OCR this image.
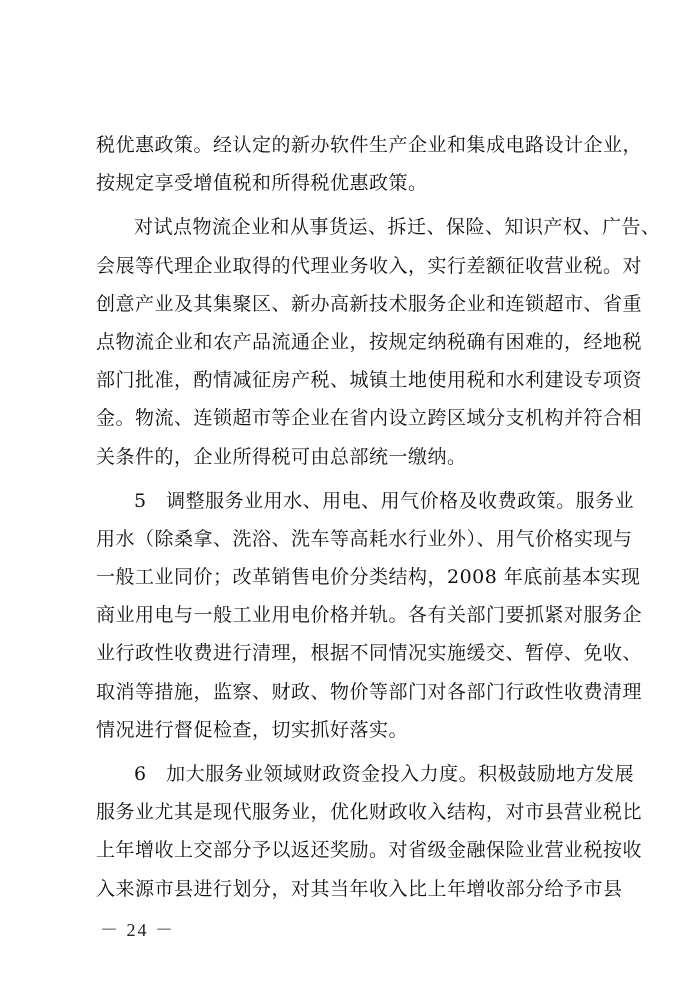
税优惠政策。经认定的新办软件生产企业和集成电路设计企业，
按规定享受增值税和所得税优惠政策。
对试点物流企业和从事货运、拆迁、保险、知识产权、广告、
会展等代理企业取得的代理业务收入，实行差额征收营业税。对
创意产业及其集聚区、新办高新技术服务企业和连锁超市、省重
点物流企业和农产品流通企业，按规定纳税确有困难的，经地税
部门批准，酌情减征房产税、城镇土地使用税和水利建设专项资
金。物流、连锁超市等企业在省内设立跨区域分支机构并符合相
关条件的，企业所得税可由总部统一缴纳。
5　调整服务业用水、用电、用气价格及收费政策。服务业
用水（除桑拿、洗浴、洗车等高耗水行业外）、用气价格实现与
一般工业同价；改革销售电价分类结构，2008 年底前基本实现
商业用电与一般工业用电价格并轨。各有关部门要抓紧对服务企
业行政性收费进行清理，根据不同情况实施缓交、暂停、免收、
取消等措施，监察、财政、物价等部门对各部门行政性收费清理
情况进行督促检查，切实抓好落实。
6　加大服务业领域财政资金投入力度。积极鼓励地方发展
服务业尤其是现代服务业，优化财政收入结构，对市县营业税比
上年增收上交部分予以返还奖励。对省级金融保险业营业税按收
入来源市县进行划分，对其当年收入比上年增收部分给予市县
－ 24 －
